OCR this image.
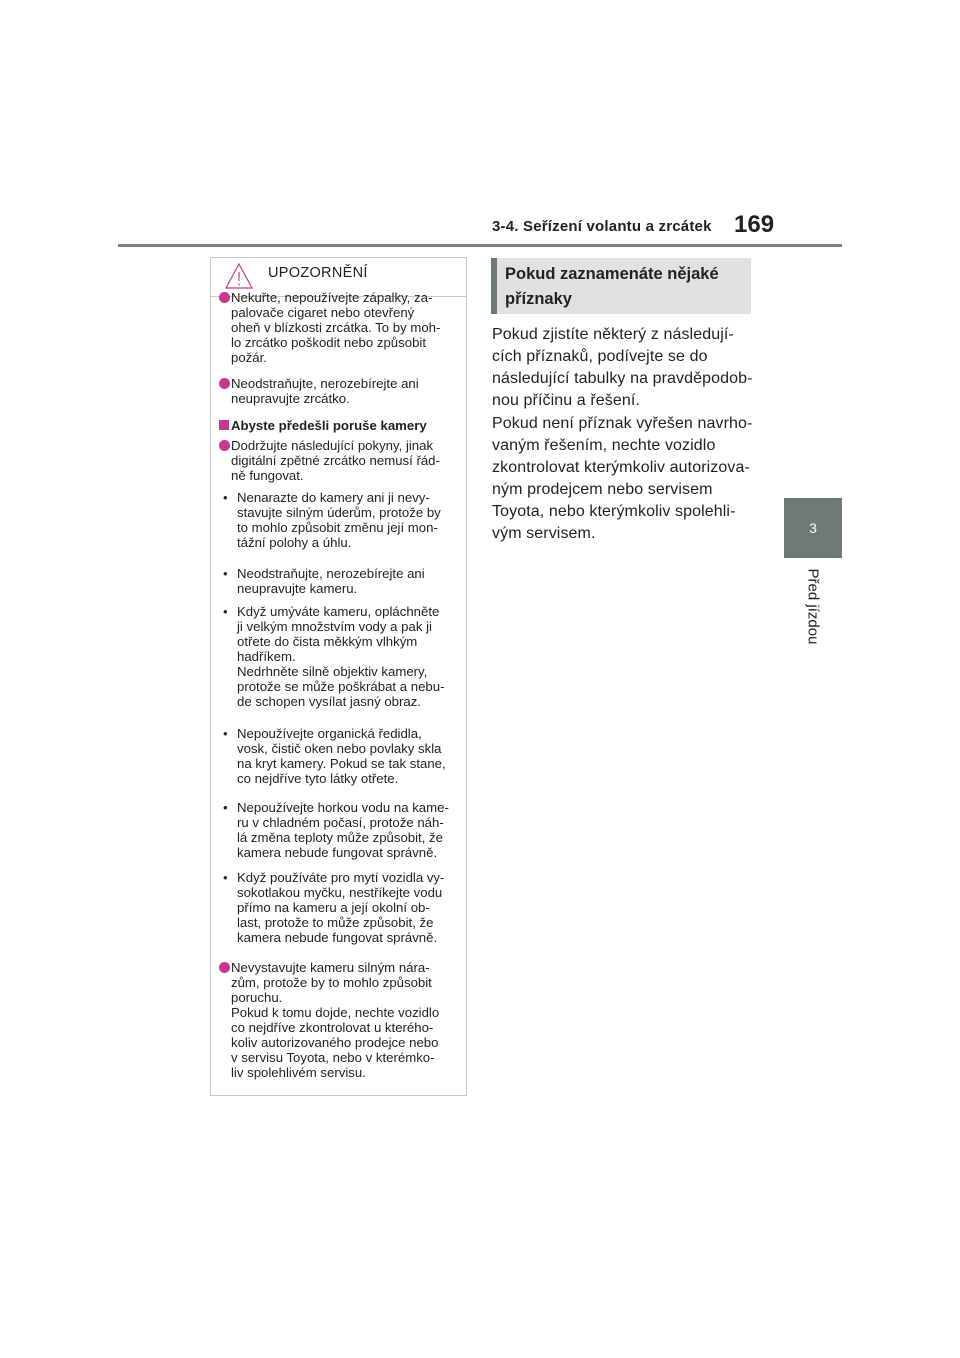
3-4. Seřízení volantu a zrcátek 169
3
Před jízdou
UPOZORNĚNÍ
Nekuřte, nepoužívejte zápalky, za-
palovače cigaret nebo otevřený
oheň v blízkosti zrcátka. To by moh-
lo zrcátko poškodit nebo způsobit
požár.
Neodstraňujte, nerozebírejte ani
neupravujte zrcátko.
Abyste předešli poruše kamery
Dodržujte následující pokyny, jinak
digitální zpětné zrcátko nemusí řád-
ně fungovat.
• Nenarazte do kamery ani ji nevy-
stavujte silným úderům, protože by
to mohlo způsobit změnu její mon-
tážní polohy a úhlu.
• Neodstraňujte, nerozebírejte ani
neupravujte kameru.
• Když umýváte kameru, opláchněte
ji velkým množstvím vody a pak ji
otřete do čista měkkým vlhkým
hadříkem.
Nedrhněte silně objektiv kamery,
protože se může poškrábat a nebu-
de schopen vysílat jasný obraz.
• Nepoužívejte organická ředidla,
vosk, čistič oken nebo povlaky skla
na kryt kamery. Pokud se tak stane,
co nejdříve tyto látky otřete.
• Nepoužívejte horkou vodu na kame-
ru v chladném počasí, protože náh-
lá změna teploty může způsobit, že
kamera nebude fungovat správně.
• Když používáte pro mytí vozidla vy-
sokotlakou myčku, nestříkejte vodu
přímo na kameru a její okolní ob-
last, protože to může způsobit, že
kamera nebude fungovat správně.
Nevystavujte kameru silným nára-
zům, protože by to mohlo způsobit
poruchu.
Pokud k tomu dojde, nechte vozidlo
co nejdříve zkontrolovat u kterého-
koliv autorizovaného prodejce nebo
v servisu Toyota, nebo v kterémko-
liv spolehlivém servisu.
Pokud zaznamenáte nějaké
příznaky
Pokud zjistíte některý z následují-
cích příznaků, podívejte se do
následující tabulky na pravděpodob-
nou příčinu a řešení.
Pokud není příznak vyřešen navrho-
vaným řešením, nechte vozidlo
zkontrolovat kterýmkoliv autorizova-
ným prodejcem nebo servisem
Toyota, nebo kterýmkoliv spolehli-
vým servisem.
